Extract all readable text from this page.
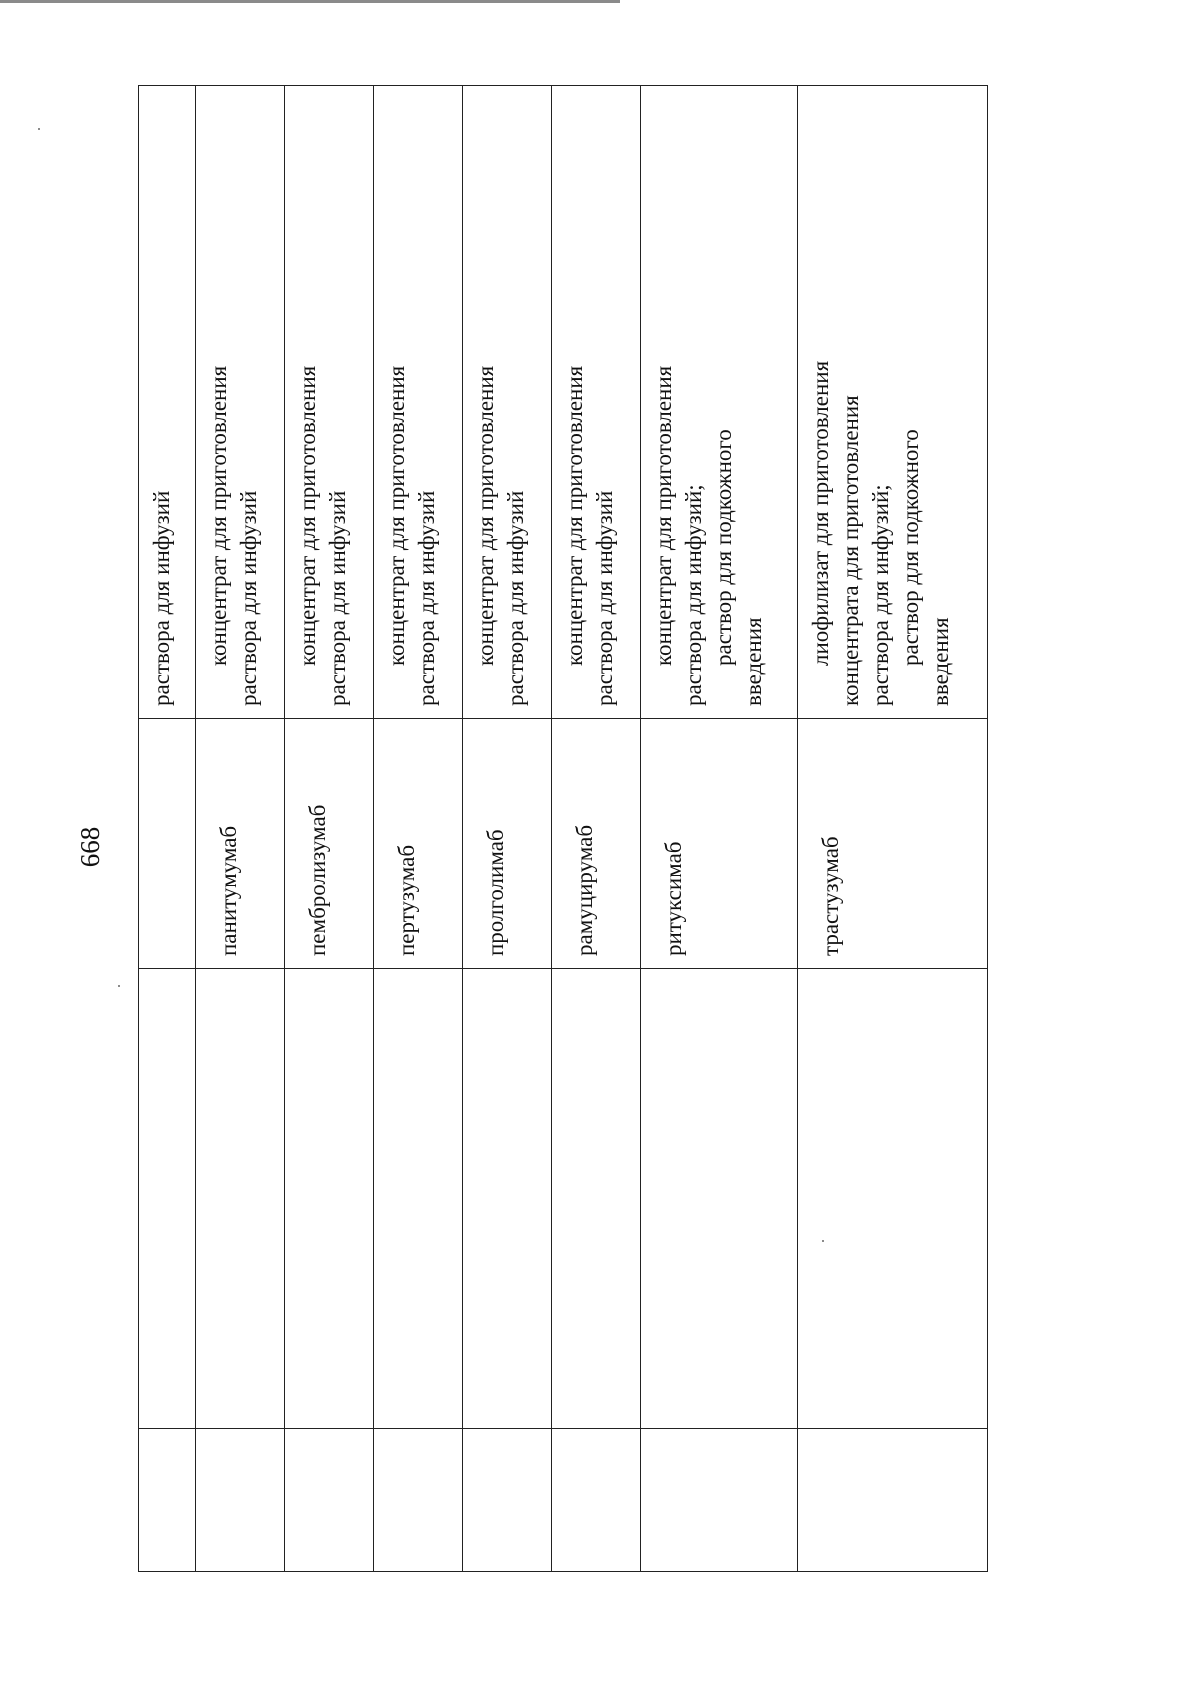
668

			раствора для инфузий

		панитумумаб	концентрат для приготовления раствора для инфузий

		пембролизумаб	концентрат для приготовления раствора для инфузий

		пертузумаб	концентрат для приготовления раствора для инфузий

		пролголимаб	концентрат для приготовления раствора для инфузий

		рамуцирумаб	концентрат для приготовления раствора для инфузий

		ритуксимаб	концентрат для приготовления раствора для инфузий; раствор для подкожного введения

		трастузумаб	лиофилизат для приготовления концентрата для приготовления раствора для инфузий; раствор для подкожного введения
